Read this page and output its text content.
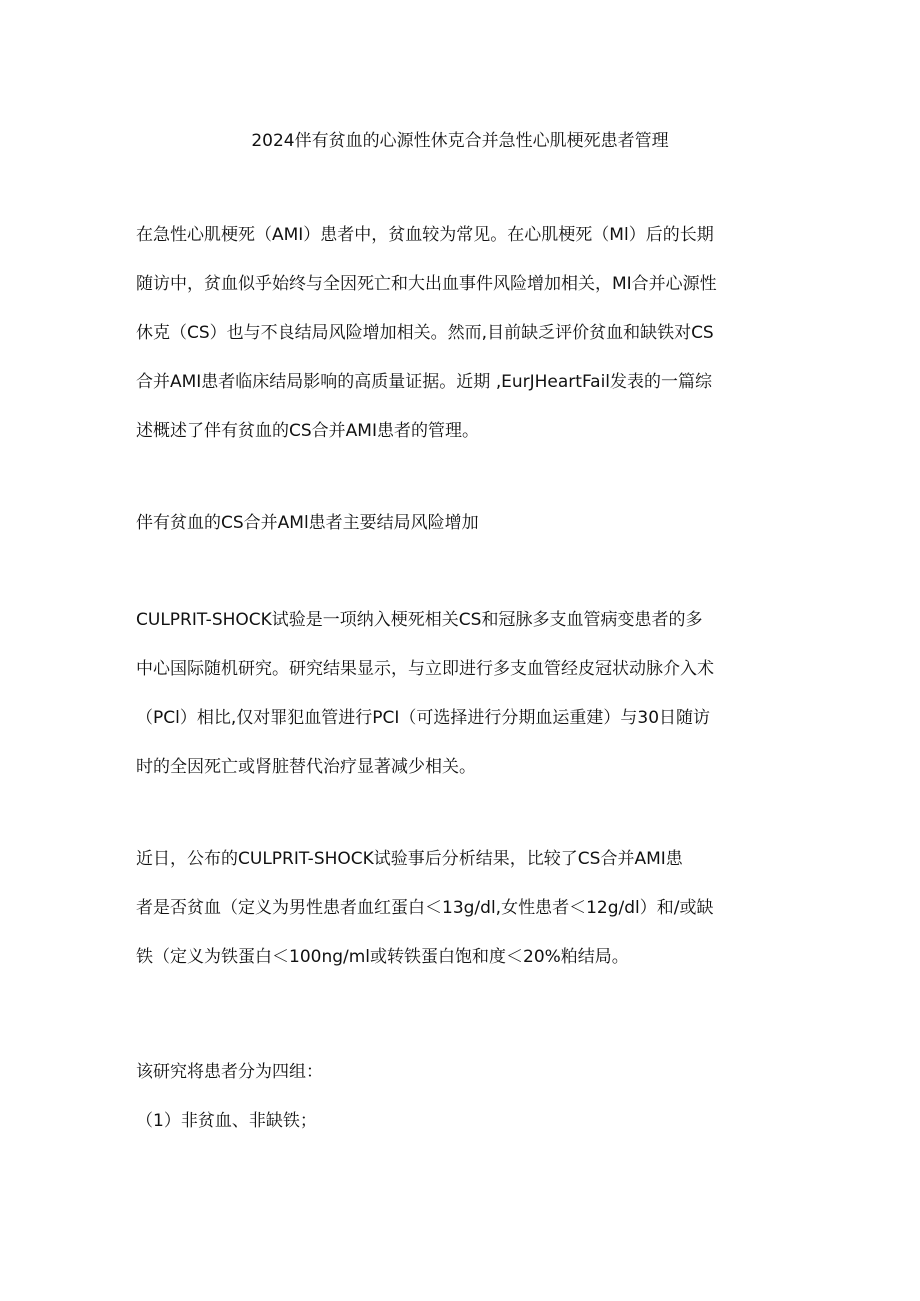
2024伴有贫血的心源性休克合并急性心肌梗死患者管理
在急性心肌梗死（AMI）患者中，贫血较为常见。在心肌梗死（Ml）后的长期
随访中，贫血似乎始终与全因死亡和大出血事件风险增加相关，MI合并心源性
休克（CS）也与不良结局风险增加相关。然而,目前缺乏评价贫血和缺铁对CS
合并AMI患者临床结局影响的高质量证据。近期 ‚EurJHeartFail发表的一篇综
述概述了伴有贫血的CS合并AMI患者的管理。
伴有贫血的CS合并AMl患者主要结局风险增加
CULPRIT-SHOCK试验是一项纳入梗死相关CS和冠脉多支血管病变患者的多
中心国际随机研究。研究结果显示，与立即进行多支血管经皮冠状动脉介入术
（PCl）相比,仅对罪犯血管进行PCI（可选择进行分期血运重建）与30日随访
时的全因死亡或肾脏替代治疗显著减少相关。
近日，公布的CULPRIT-SHOCK试验事后分析结果，比较了CS合并AMI患
者是否贫血（定义为男性患者血红蛋白＜13g∕dl,女性患者＜12g∕dl）和/或缺
铁（定义为铁蛋白＜100ng∕ml或转铁蛋白饱和度＜20%粕结局。
该研究将患者分为四组：
（1）非贫血、非缺铁；
